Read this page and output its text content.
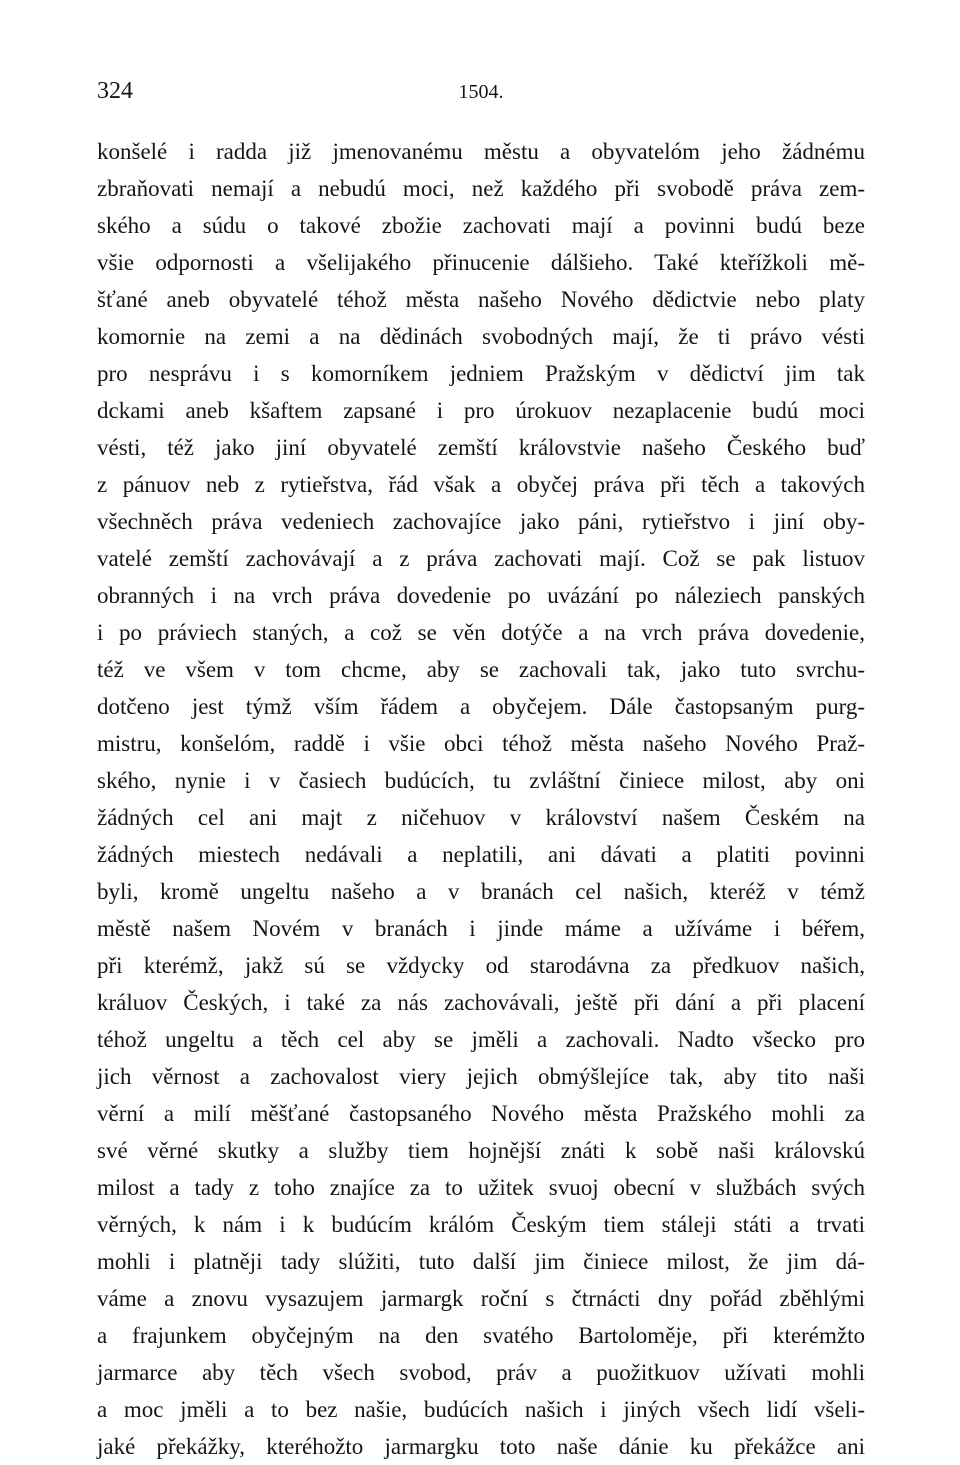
324	1504.
konšelé i radda již jmenovanému městu a obyvatelóm jeho žádnému
zbraňovati nemají a nebudú moci, než každého při svobodě práva zem-
ského a súdu o takové zbožie zachovati mají a povinni budú beze
všie odpornosti a všelijakého přinucenie dálšieho. Také kteřížkoli mě-
šťané aneb obyvatelé téhož města našeho Nového dědictvie nebo platy
komornie na zemi a na dědinách svobodných mají, že ti právo vésti
pro nesprávu i s komorníkem jedniem Pražským v dědictví jim tak
dckami aneb kšaftem zapsané i pro úrokuov nezaplacenie budú moci
vésti, též jako jiní obyvatelé zemští královstvie našeho Českého buď
z pánuov neb z rytieřstva, řád však a obyčej práva při těch a takových
všechněch práva vedeniech zachovajíce jako páni, rytieřstvo i jiní oby-
vatelé zemští zachovávají a z práva zachovati mají. Což se pak listuov
obranných i na vrch práva dovedenie po uvázání po náleziech panských
i po práviech staných, a což se věn dotýče a na vrch práva dovedenie,
též ve všem v tom chcme, aby se zachovali tak, jako tuto svrchu-
dotčeno jest týmž vším řádem a obyčejem. Dále častopsaným purg-
mistru, konšelóm, raddě i všie obci téhož města našeho Nového Praž-
ského, nynie i v časiech budúcích, tu zvláštní činiece milost, aby oni
žádných cel ani majt z ničehuov v království našem Českém na
žádných miestech nedávali a neplatili, ani dávati a platiti povinni
byli, kromě ungeltu našeho a v branách cel našich, kteréž v témž
městě našem Novém v branách i jinde máme a užíváme i béřem,
při kterémž, jakž sú se vždycky od starodávna za předkuov našich,
králuov Českých, i také za nás zachovávali, ještě při dání a při placení
téhož ungeltu a těch cel aby se jměli a zachovali. Nadto všecko pro
jich věrnost a zachovalost viery jejich obmýšlejíce tak, aby tito naši
věrní a milí měšťané častopsaného Nového města Pražského mohli za
své věrné skutky a služby tiem hojnější znáti k sobě naši královskú
milost a tady z toho znajíce za to užitek svuoj obecní v službách svých
věrných, k nám i k budúcím králóm Českým tiem stáleji státi a trvati
mohli i platněji tady slúžiti, tuto další jim činiece milost, že jim dá-
váme a znovu vysazujem jarmargk roční s čtrnácti dny pořád zběhlými
a frajunkem obyčejným na den svatého Bartoloměje, při kterémžto
jarmarce aby těch všech svobod, práv a puožitkuov užívati mohli
a moc jměli a to bez našie, budúcích našich i jiných všech lidí všeli-
jaké překážky, kteréhožto jarmargku toto naše dánie ku překážce ani
